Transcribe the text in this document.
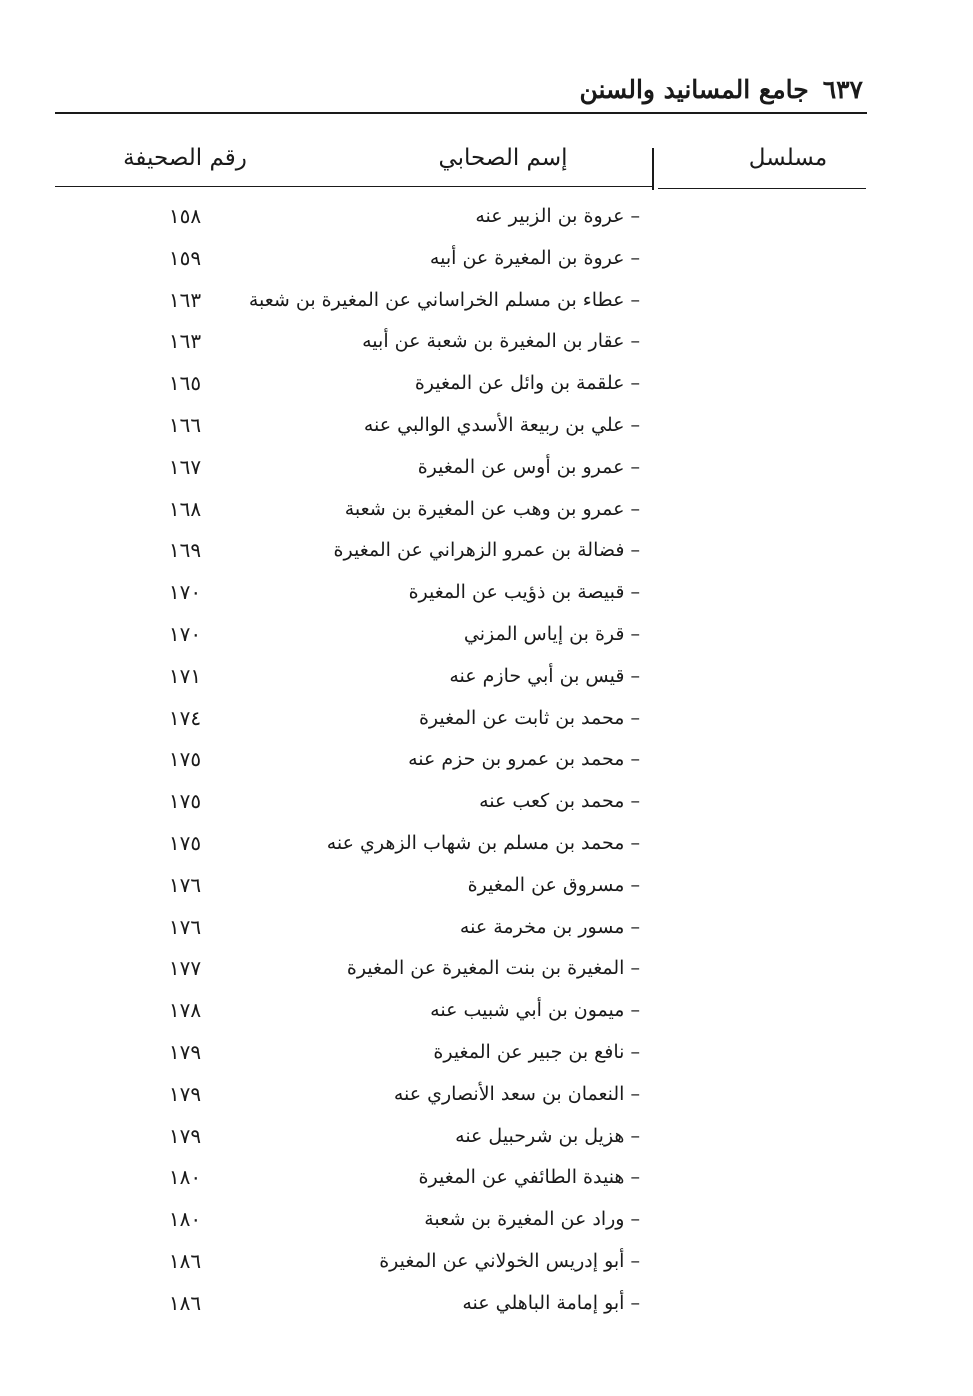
٦٣٧جامع المسانيد والسنن
مسلسل
إسم الصحابي
رقم الصحيفة
– عروة بن الزبير عنه
١٥٨
– عروة بن المغيرة عن أبيه
١٥٩
– عطاء بن مسلم الخراساني عن المغيرة بن شعبة
١٦٣
– عقار بن المغيرة بن شعبة عن أبيه
١٦٣
– علقمة بن وائل عن المغيرة
١٦٥
– علي بن ربيعة الأسدي الوالبي عنه
١٦٦
– عمرو بن أوس عن المغيرة
١٦٧
– عمرو بن وهب عن المغيرة بن شعبة
١٦٨
– فضالة بن عمرو الزهراني عن المغيرة
١٦٩
– قبيصة بن ذؤيب عن المغيرة
١٧٠
– قرة بن إياس المزني
١٧٠
– قيس بن أبي حازم عنه
١٧١
– محمد بن ثابت عن المغيرة
١٧٤
– محمد بن عمرو بن حزم عنه
١٧٥
– محمد بن كعب عنه
١٧٥
– محمد بن مسلم بن شهاب الزهري عنه
١٧٥
– مسروق عن المغيرة
١٧٦
– مسور بن مخرمة عنه
١٧٦
– المغيرة بن بنت المغيرة عن المغيرة
١٧٧
– ميمون بن أبي شبيب عنه
١٧٨
– نافع بن جبير عن المغيرة
١٧٩
– النعمان بن سعد الأنصاري عنه
١٧٩
– هزيل بن شرحبيل عنه
١٧٩
– هنيدة الطائفي عن المغيرة
١٨٠
– وراد عن المغيرة بن شعبة
١٨٠
– أبو إدريس الخولاني عن المغيرة
١٨٦
– أبو إمامة الباهلي عنه
١٨٦
